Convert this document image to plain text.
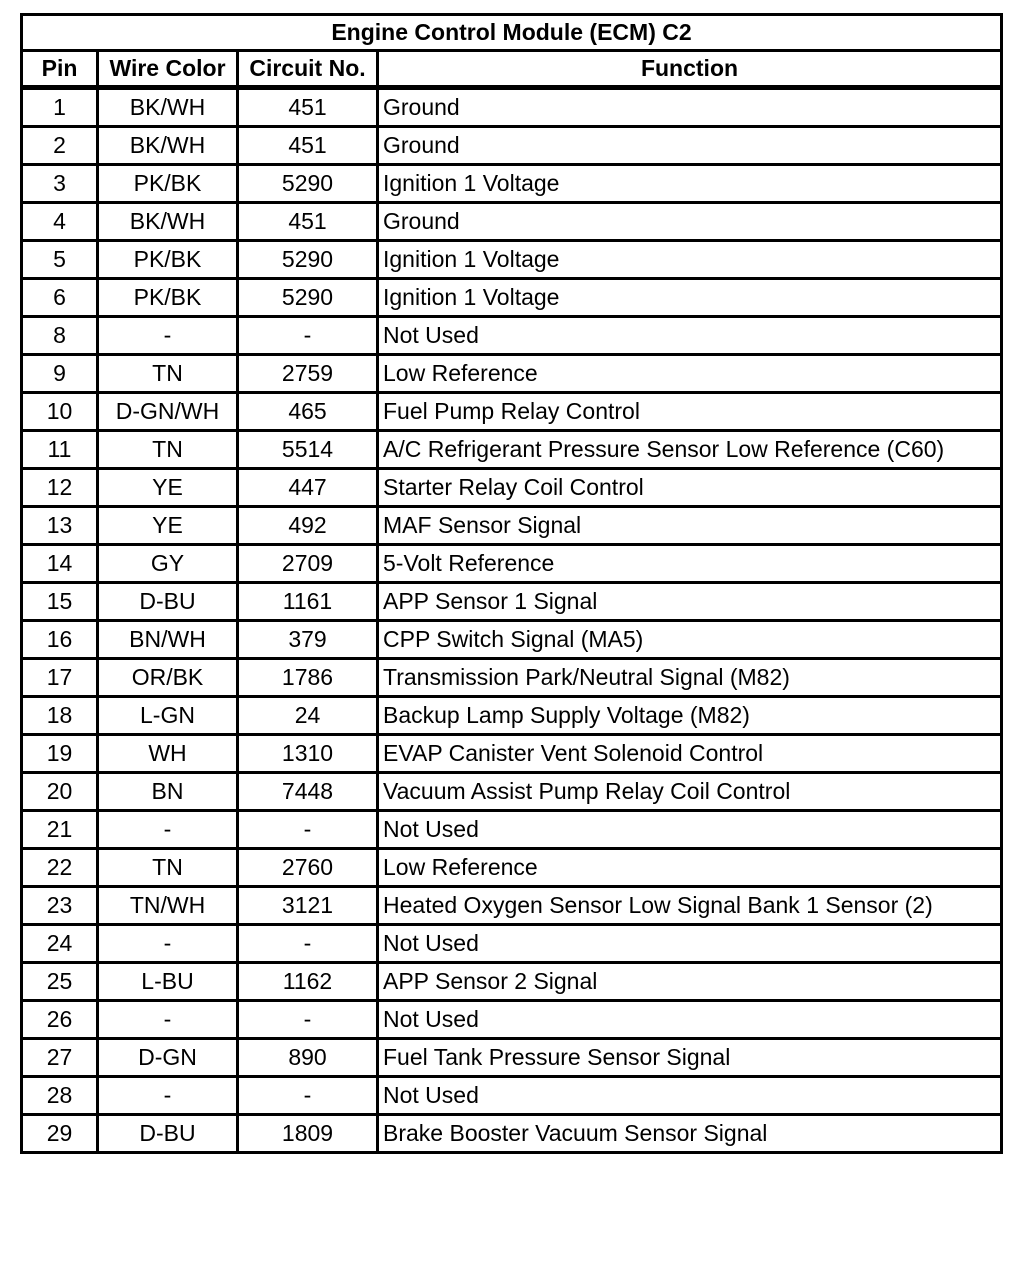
Engine Control Module (ECM) C2			
Pin	Wire Color	Circuit No.	Function
1	BK/WH	451	Ground
2	BK/WH	451	Ground
3	PK/BK	5290	Ignition 1 Voltage
4	BK/WH	451	Ground
5	PK/BK	5290	Ignition 1 Voltage
6	PK/BK	5290	Ignition 1 Voltage
8	-	-	Not Used
9	TN	2759	Low Reference
10	D-GN/WH	465	Fuel Pump Relay Control
11	TN	5514	A/C Refrigerant Pressure Sensor Low Reference (C60)
12	YE	447	Starter Relay Coil Control
13	YE	492	MAF Sensor Signal
14	GY	2709	5-Volt Reference
15	D-BU	1161	APP Sensor 1 Signal
16	BN/WH	379	CPP Switch Signal (MA5)
17	OR/BK	1786	Transmission Park/Neutral Signal (M82)
18	L-GN	24	Backup Lamp Supply Voltage (M82)
19	WH	1310	EVAP Canister Vent Solenoid Control
20	BN	7448	Vacuum Assist Pump Relay Coil Control
21	-	-	Not Used
22	TN	2760	Low Reference
23	TN/WH	3121	Heated Oxygen Sensor Low Signal Bank 1 Sensor (2)
24	-	-	Not Used
25	L-BU	1162	APP Sensor 2 Signal
26	-	-	Not Used
27	D-GN	890	Fuel Tank Pressure Sensor Signal
28	-	-	Not Used
29	D-BU	1809	Brake Booster Vacuum Sensor Signal
